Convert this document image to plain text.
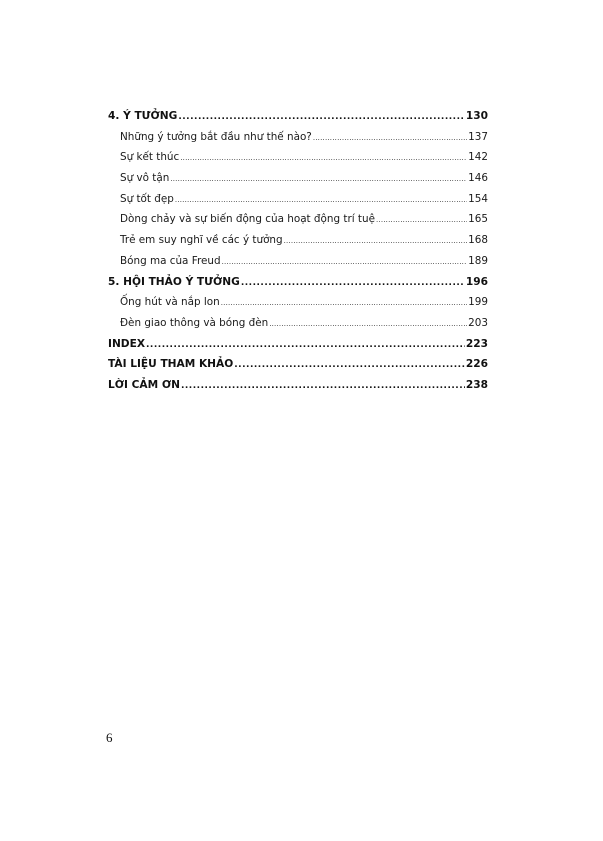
4. Ý TƯỞNG .....	130
Những ý tưởng bắt đầu như thế nào? .....	137
Sự kết thúc .....	142
Sự vô tận .....	146
Sự tốt đẹp .....	154
Dòng chảy và sự biến động của hoạt động trí tuệ .....	165
Trẻ em suy nghĩ về các ý tưởng .....	168
Bóng ma của Freud .....	189
5. HỘI THẢO Ý TƯỞNG .....	196
Ống hút và nắp lon .....	199
Đèn giao thông và bóng đèn .....	203
INDEX .....	223
TÀI LIỆU THAM KHẢO .....	226
LỜI CẢM ƠN .....	238
6
